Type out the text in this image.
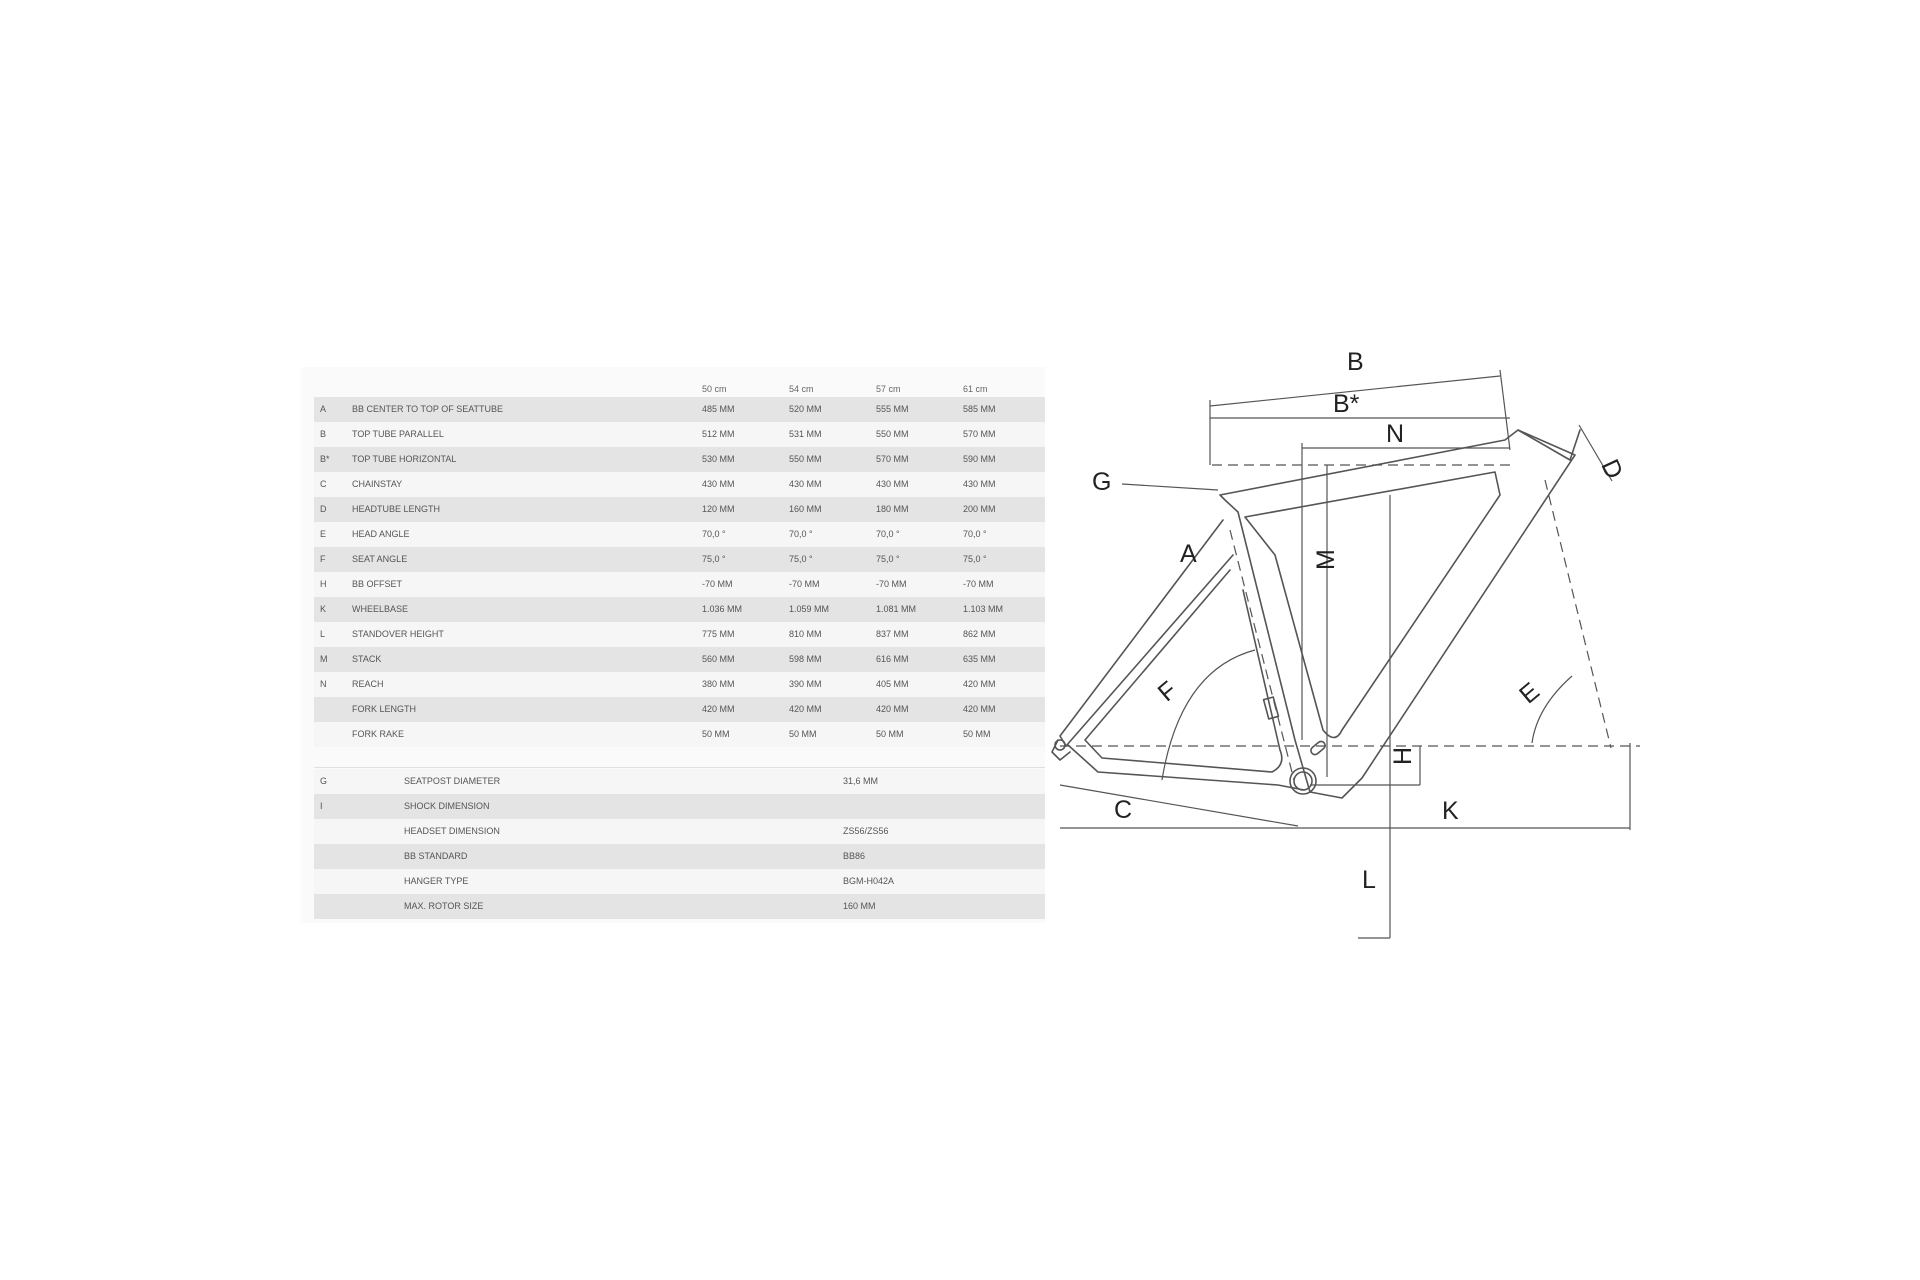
50 cm	54 cm	57 cm	61 cm
A	BB CENTER TO TOP OF SEATTUBE	485 MM	520 MM	555 MM	585 MM
B	TOP TUBE PARALLEL	512 MM	531 MM	550 MM	570 MM
B* TOP TUBE HORIZONTAL	530 MM	550 MM	570 MM	590 MM
C	CHAINSTAY	430 MM	430 MM	430 MM	430 MM
D	HEADTUBE LENGTH	120 MM	160 MM	180 MM	200 MM
E	HEAD ANGLE	70,0 °	70,0 °	70,0 °	70,0 °
F	SEAT ANGLE	75,0 °	75,0 °	75,0 °	75,0 °
H	BB OFFSET	-70 MM	-70 MM	-70 MM	-70 MM
K	WHEELBASE	1.036 MM	1.059 MM	1.081 MM	1.103 MM
L	STANDOVER HEIGHT	775 MM	810 MM	837 MM	862 MM
M	STACK	560 MM	598 MM	616 MM	635 MM
N	REACH	380 MM	390 MM	405 MM	420 MM
FORK LENGTH	420 MM	420 MM	420 MM	420 MM
FORK RAKE	50 MM	50 MM	50 MM	50 MM
G	SEATPOST DIAMETER	31,6 MM
I	SHOCK DIMENSION
HEADSET DIMENSION	ZS56/ZS56
BB STANDARD	BB86
HANGER TYPE	BGM-H042A
MAX. ROTOR SIZE	160 MM
B
B*
N
G	D
A	M
F	E
H
C	K
L
